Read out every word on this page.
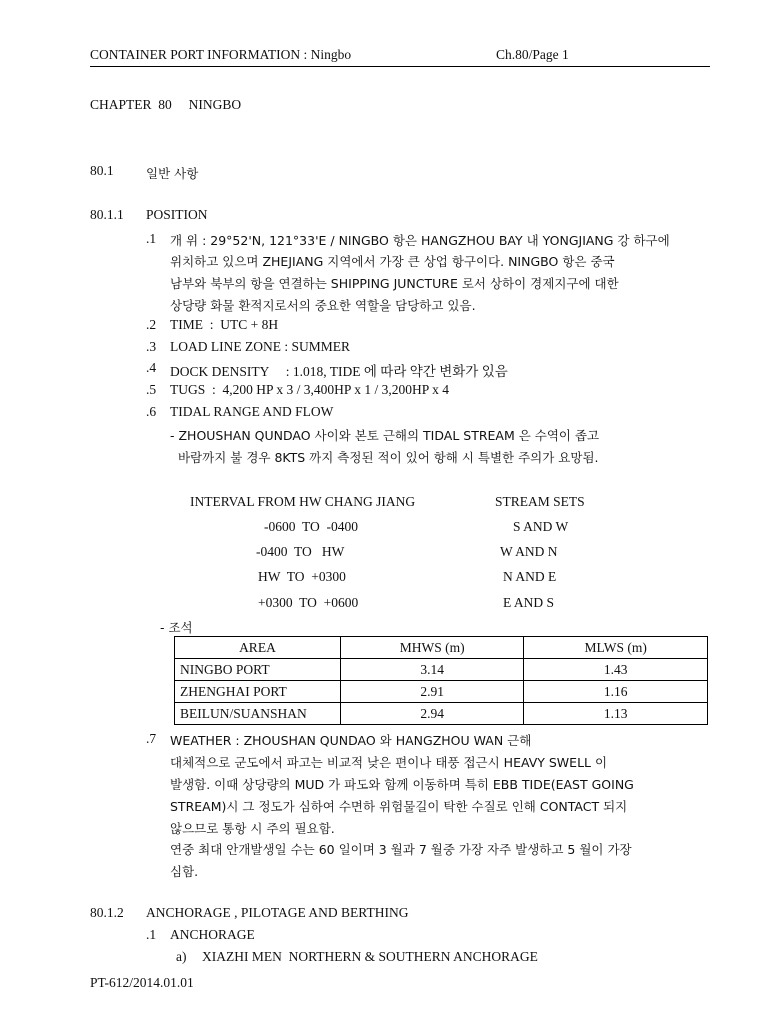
CONTAINER PORT INFORMATION : Ningbo	Ch.80/Page 1
CHAPTER  80     NINGBO
80.1	일반 사항
80.1.1 POSITION
.1 개 위 : 29°52'N, 121°33'E / NINGBO 항은 HANGZHOU BAY 내 YONGJIANG 강 하구에
위치하고 있으며 ZHEJIANG 지역에서 가장 큰 상업 항구이다. NINGBO 항은 중국
남부와 북부의 항을 연결하는 SHIPPING JUNCTURE 로서 상하이 경제지구에 대한
상당량 화물 환적지로서의 중요한 역할을 담당하고 있음.
.2 TIME  :  UTC + 8H
.3 LOAD LINE ZONE : SUMMER
.4 DOCK DENSITY     : 1.018, TIDE 에 따라 약간 변화가 있음
.5 TUGS  :  4,200 HP x 3 / 3,400HP x 1 / 3,200HP x 4
.6 TIDAL RANGE AND FLOW
- ZHOUSHAN QUNDAO 사이와 본토 근해의 TIDAL STREAM 은 수역이 좁고
바람까지 불 경우 8KTS 까지 측정된 적이 있어 항해 시 특별한 주의가 요망됨.
INTERVAL FROM HW CHANG JIANG	STREAM SETS
-0600  TO  -0400	S AND W
-0400  TO   HW	W AND N
HW  TO  +0300	N AND E
+0300  TO  +0600	E AND S
- 조석
AREA	MHWS (m)	MLWS (m)
NINGBO PORT	3.14	1.43
ZHENGHAI PORT	2.91	1.16
BEILUN/SUANSHAN	2.94	1.13
.7 WEATHER : ZHOUSHAN QUNDAO 와 HANGZHOU WAN 근해
대체적으로 군도에서 파고는 비교적 낮은 편이나 태풍 접근시 HEAVY SWELL 이
발생함. 이때 상당량의 MUD 가 파도와 함께 이동하며 특히 EBB TIDE(EAST GOING
STREAM)시 그 정도가 심하여 수면하 위험물길이 탁한 수질로 인해 CONTACT 되지
않으므로 통항 시 주의 필요함.
연중 최대 안개발생일 수는 60 일이며 3 월과 7 월중 가장 자주 발생하고 5 월이 가장
심함.
80.1.2 ANCHORAGE , PILOTAGE AND BERTHING
.1 ANCHORAGE
a) XIAZHI MEN  NORTHERN & SOUTHERN ANCHORAGE
PT-612/2014.01.01
